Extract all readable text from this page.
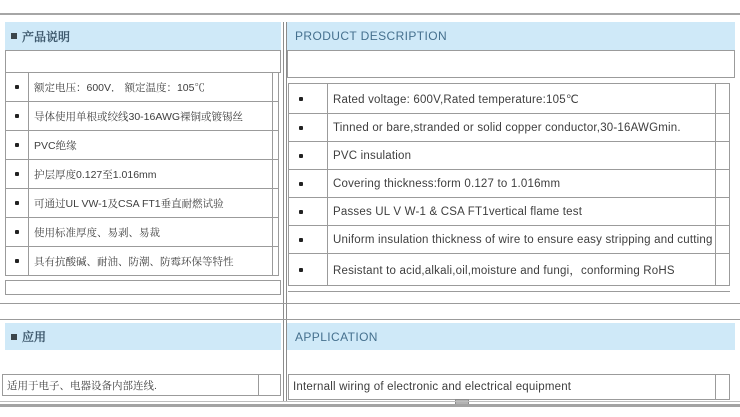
产品说明
额定电压：600V． 额定温度：105℃
导体使用单根或绞线30-16AWG裸铜或镀锡丝
PVC绝缘
护层厚度0.127至1.016mm
可通过UL VW-1及CSA FT1垂直耐燃试验
使用标准厚度、易剥、易裁
具有抗酸碱、耐油、防潮、防霉环保等特性
PRODUCT DESCRIPTION
Rated voltage: 600V,Rated temperature:105℃
Tinned or bare,stranded or solid copper conductor,30-16AWGmin.
PVC insulation
Covering thickness:form 0.127 to 1.016mm
Passes UL V W-1 & CSA FT1vertical flame test
Uniform insulation thickness of wire to ensure easy stripping and cutting
Resistant to acid,alkali,oil,moisture and fungi，conforming RoHS
应用
适用于电子、电器设备内部连线.
APPLICATION
Internall wiring of electronic and electrical equipment
